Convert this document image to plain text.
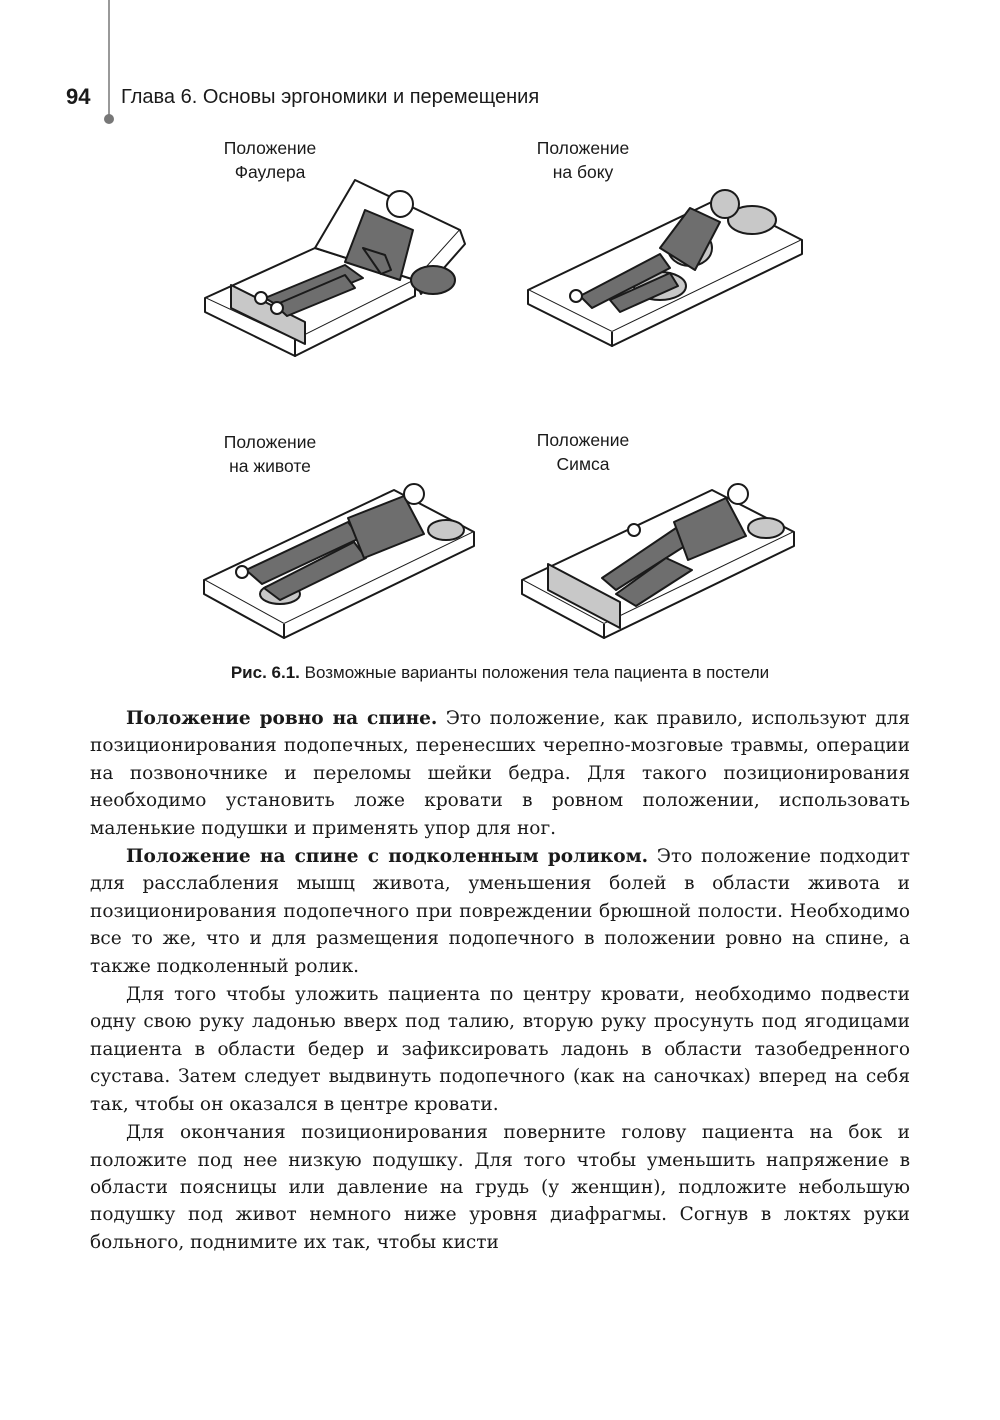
94 Глава 6. Основы эргономики и перемещения
Положение
Фаулера
Положение
на боку
Положение
на животе
Положение
Симса
Рис. 6.1. Возможные варианты положения тела пациента в постели

Положение ровно на спине. Это положение, как правило, используют для позиционирования подопечных, перенесших черепно-мозговые травмы, операции на позвоночнике и переломы шейки бедра. Для такого позиционирования необходимо установить ложе кровати в ровном положении, использовать маленькие подушки и применять упор для ног.

Положение на спине с подколенным роликом. Это положение подходит для расслабления мышц живота, уменьшения болей в области живота и позиционирования подопечного при повреждении брюшной полости. Необходимо все то же, что и для размещения подопечного в положении ровно на спине, а также подколенный ролик.

Для того чтобы уложить пациента по центру кровати, необходимо подвести одну свою руку ладонью вверх под талию, вторую руку просунуть под ягодицами пациента в области бедер и зафиксировать ладонь в области тазобедренного сустава. Затем следует выдвинуть подопечного (как на саночках) вперед на себя так, чтобы он оказался в центре кровати.

Для окончания позиционирования поверните голову пациента на бок и положите под нее низкую подушку. Для того чтобы уменьшить напряжение в области поясницы или давление на грудь (у женщин), подложите небольшую подушку под живот немного ниже уровня диафрагмы. Согнув в локтях руки больного, поднимите их так, чтобы кисти
